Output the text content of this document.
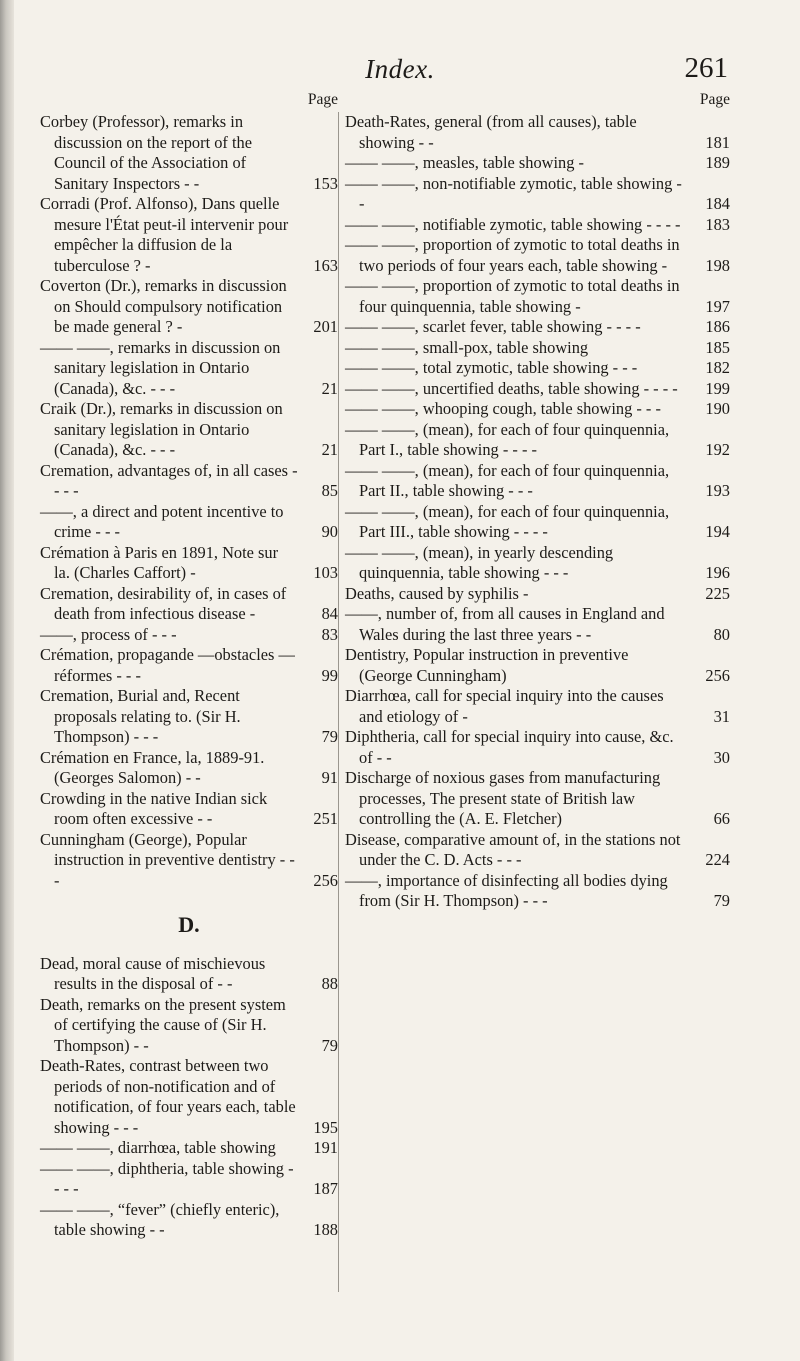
Index.	261
Page
Corbey (Professor), remarks in discussion on the report of the Council of the Association of Sanitary Inspectors - -	153
Corradi (Prof. Alfonso), Dans quelle mesure l'État peut-il intervenir pour empêcher la diffusion de la tuberculose ? -	163
Coverton (Dr.), remarks in discussion on Should compulsory notification be made general ? -	201
—— ——, remarks in discussion on sanitary legislation in Ontario (Canada), &c. - - -	21
Craik (Dr.), remarks in discussion on sanitary legislation in Ontario (Canada), &c. - - -	21
Cremation, advantages of, in all cases - - - -	85
——, a direct and potent incentive to crime - - -	90
Crémation à Paris en 1891, Note sur la. (Charles Caffort) -	103
Cremation, desirability of, in cases of death from infectious disease -	84
——, process of - - -	83
Crémation, propagande —obstacles —réformes - - -	99
Cremation, Burial and, Recent proposals relating to. (Sir H. Thompson) - - -	79
Crémation en France, la, 1889-91. (Georges Salomon) - -	91
Crowding in the native Indian sick room often excessive - -	251
Cunningham (George), Popular instruction in preventive dentistry - - -	256
D.
Dead, moral cause of mischievous results in the disposal of - -	88
Death, remarks on the present system of certifying the cause of (Sir H. Thompson) - -	79
Death-Rates, contrast between two periods of non-notification and of notification, of four years each, table showing - - -	195
—— ——, diarrhœa, table showing	191
—— ——, diphtheria, table showing - - - -	187
—— ——, “fever” (chiefly enteric), table showing - -	188
Page
Death-Rates, general (from all causes), table showing - -	181
—— ——, measles, table showing -	189
—— ——, non-notifiable zymotic, table showing - -	184
—— ——, notifiable zymotic, table showing - - - -	183
—— ——, proportion of zymotic to total deaths in two periods of four years each, table showing -	198
—— ——, proportion of zymotic to total deaths in four quinquennia, table showing -	197
—— ——, scarlet fever, table showing - - - -	186
—— ——, small-pox, table showing	185
—— ——, total zymotic, table showing - - -	182
—— ——, uncertified deaths, table showing - - - -	199
—— ——, whooping cough, table showing - - -	190
—— ——, (mean), for each of four quinquennia, Part I., table showing - - - -	192
—— ——, (mean), for each of four quinquennia, Part II., table showing - - -	193
—— ——, (mean), for each of four quinquennia, Part III., table showing - - - -	194
—— ——, (mean), in yearly descending quinquennia, table showing - - -	196
Deaths, caused by syphilis -	225
——, number of, from all causes in England and Wales during the last three years - -	80
Dentistry, Popular instruction in preventive (George Cunningham)	256
Diarrhœa, call for special inquiry into the causes and etiology of -	31
Diphtheria, call for special inquiry into cause, &c. of - -	30
Discharge of noxious gases from manufacturing processes, The present state of British law controlling the (A. E. Fletcher)	66
Disease, comparative amount of, in the stations not under the C. D. Acts - - -	224
——, importance of disinfecting all bodies dying from (Sir H. Thompson) - - -	79
